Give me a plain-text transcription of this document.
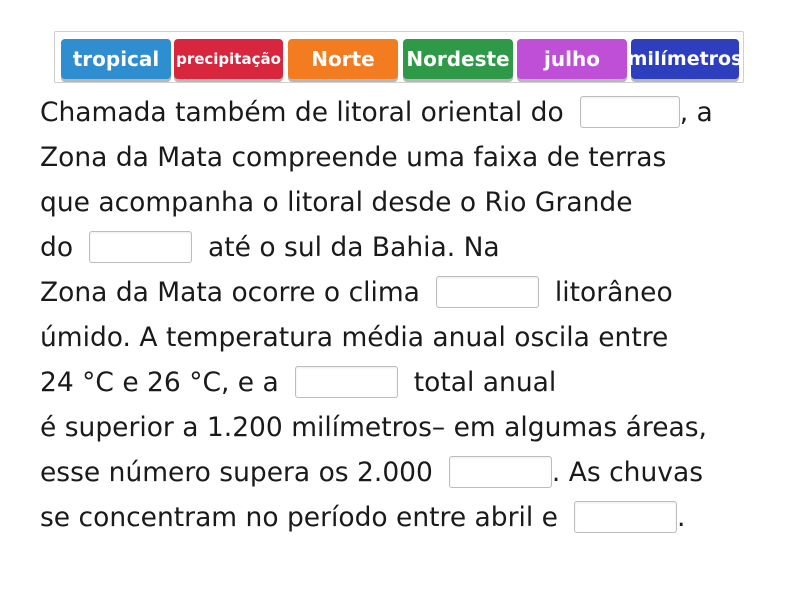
tropical	precipitação	Norte	Nordeste	julho	milímetros
Chamada também de litoral oriental do	, a
Zona da Mata compreende uma faixa de terras
que acompanha o litoral desde o Rio Grande
do	até o sul da Bahia. Na
Zona da Mata ocorre o clima	litorâneo
úmido. A temperatura média anual oscila entre
24 °C e 26 °C, e a	total anual
é superior a 1.200 milímetros– em algumas áreas,
esse número supera os 2.000	. As chuvas
se concentram no período entre abril e	.
